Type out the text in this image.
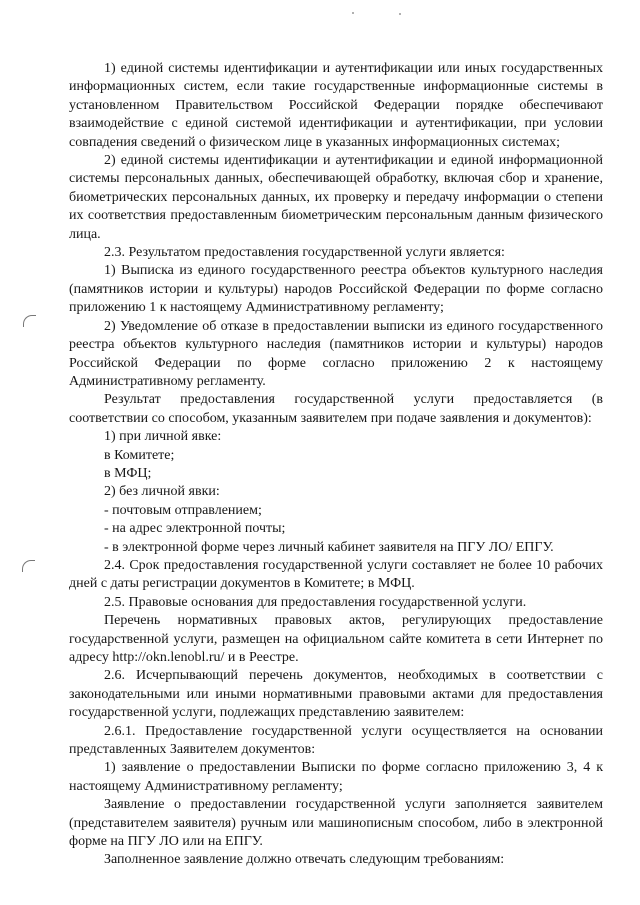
1) единой системы идентификации и аутентификации или иных государственных информационных систем, если такие государственные информационные системы в установленном Правительством Российской Федерации порядке обеспечивают взаимодействие с единой системой идентификации и аутентификации, при условии совпадения сведений о физическом лице в указанных информационных системах;

2) единой системы идентификации и аутентификации и единой информационной системы персональных данных, обеспечивающей обработку, включая сбор и хранение, биометрических персональных данных, их проверку и передачу информации о степени их соответствия предоставленным биометрическим персональным данным физического лица.

2.3. Результатом предоставления государственной услуги является:

1) Выписка из единого государственного реестра объектов культурного наследия (памятников истории и культуры) народов Российской Федерации по форме согласно приложению 1 к настоящему Административному регламенту;

2) Уведомление об отказе в предоставлении выписки из единого государственного реестра объектов культурного наследия (памятников истории и культуры) народов Российской Федерации по форме согласно приложению 2 к настоящему Административному регламенту.

Результат предоставления государственной услуги предоставляется (в соответствии со способом, указанным заявителем при подаче заявления и документов):

1) при личной явке:

в Комитете;

в МФЦ;

2) без личной явки:

- почтовым отправлением;

- на адрес электронной почты;

- в электронной форме через личный кабинет заявителя на ПГУ ЛО/ ЕПГУ.

2.4. Срок предоставления государственной услуги составляет не более 10 рабочих дней с даты регистрации документов в Комитете; в МФЦ.

2.5. Правовые основания для предоставления государственной услуги.

Перечень нормативных правовых актов, регулирующих предоставление государственной услуги, размещен на официальном сайте комитета в сети Интернет по адресу http://okn.lenobl.ru/ и в Реестре.

2.6. Исчерпывающий перечень документов, необходимых в соответствии с законодательными или иными нормативными правовыми актами для предоставления государственной услуги, подлежащих представлению заявителем:

2.6.1. Предоставление государственной услуги осуществляется на основании представленных Заявителем документов:

1) заявление о предоставлении Выписки по форме согласно приложению 3, 4 к настоящему Административному регламенту;

Заявление о предоставлении государственной услуги заполняется заявителем (представителем заявителя) ручным или машинописным способом, либо в электронной форме на ПГУ ЛО или на ЕПГУ.

Заполненное заявление должно отвечать следующим требованиям:
